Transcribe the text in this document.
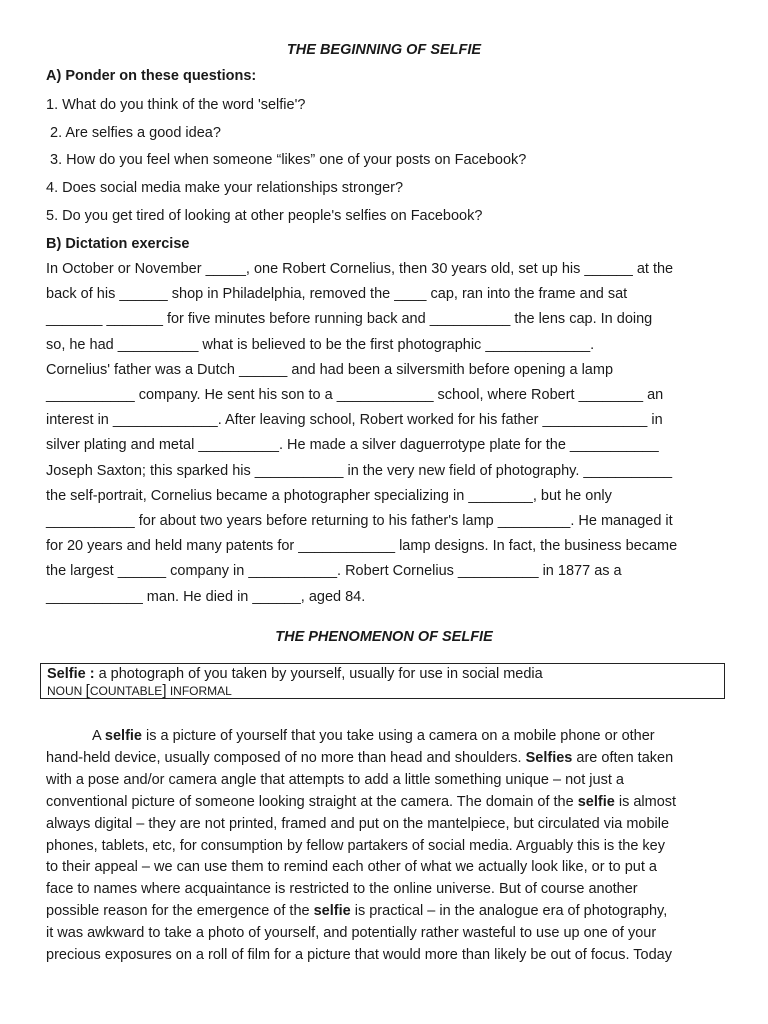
THE BEGINNING OF SELFIE
A) Ponder on these questions:
1. What do you think of the word 'selfie'?
2. Are selfies a good idea?
3. How do you feel when someone “likes” one of your posts on Facebook?
4. Does social media make your relationships stronger?
5. Do you get tired of looking at other people's selfies on Facebook?
B) Dictation exercise
In October or November _____, one Robert Cornelius, then 30 years old, set up his ______ at the
back of his ______ shop in Philadelphia, removed the ____ cap, ran into the frame and sat
_______ _______ for five minutes before running back and __________ the lens cap. In doing
so, he had __________ what is believed to be the first photographic _____________.
Cornelius' father was a Dutch ______ and had been a silversmith before opening a lamp
___________ company. He sent his son to a ____________ school, where Robert ________ an
interest in _____________. After leaving school, Robert worked for his father _____________ in
silver plating and metal __________. He made a silver daguerrotype plate for the ___________
Joseph Saxton; this sparked his ___________ in the very new field of photography. ___________
the self-portrait, Cornelius became a photographer specializing in ________, but he only
___________ for about two years before returning to his father's lamp _________. He managed it
for 20 years and held many patents for ____________ lamp designs. In fact, the business became
the largest ______ company in ___________. Robert Cornelius __________ in 1877 as a
____________ man. He died in ______, aged 84.
THE PHENOMENON OF SELFIE
Selfie : a photograph of you taken by yourself, usually for use in social media
NOUN [COUNTABLE] INFORMAL
A selfie is a picture of yourself that you take using a camera on a mobile phone or other
hand-held device, usually composed of no more than head and shoulders. Selfies are often taken
with a pose and/or camera angle that attempts to add a little something unique – not just a
conventional picture of someone looking straight at the camera. The domain of the selfie is almost
always digital – they are not printed, framed and put on the mantelpiece, but circulated via mobile
phones, tablets, etc, for consumption by fellow partakers of social media. Arguably this is the key
to their appeal – we can use them to remind each other of what we actually look like, or to put a
face to names where acquaintance is restricted to the online universe. But of course another
possible reason for the emergence of the selfie is practical – in the analogue era of photography,
it was awkward to take a photo of yourself, and potentially rather wasteful to use up one of your
precious exposures on a roll of film for a picture that would more than likely be out of focus. Today
